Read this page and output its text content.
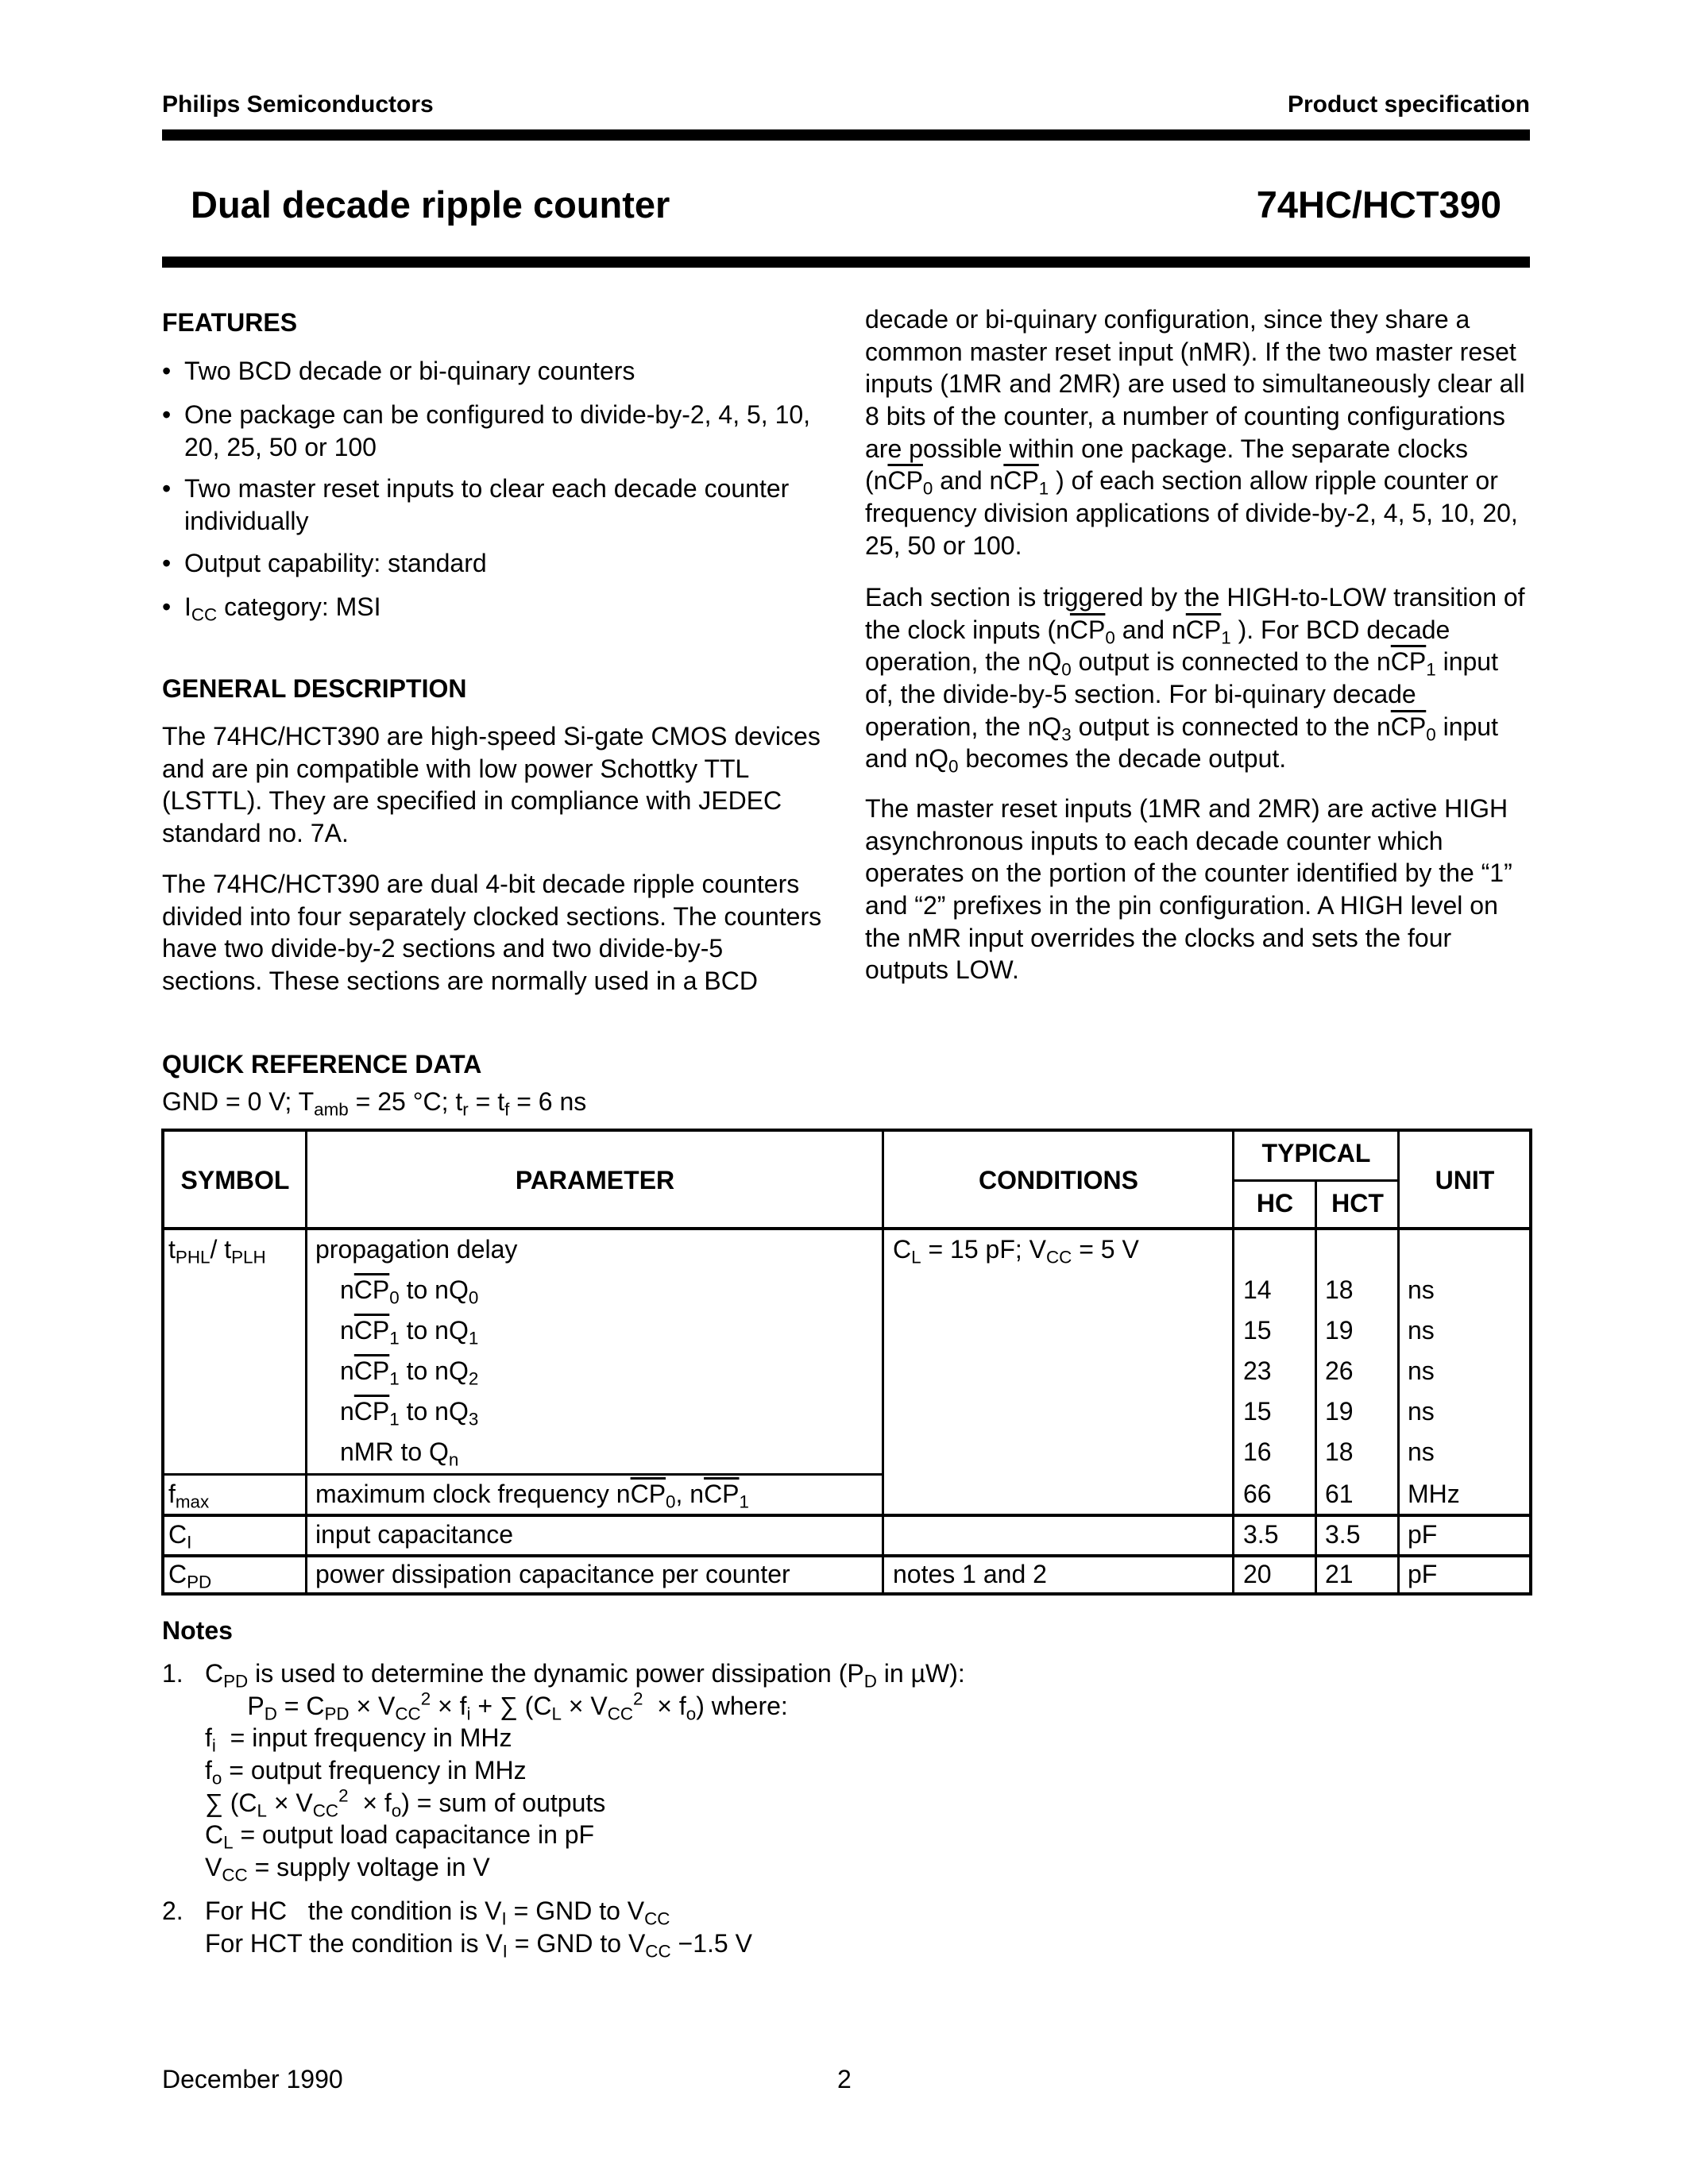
Philips Semiconductors	Product specification
Dual decade ripple counter	74HC/HCT390
FEATURES
• Two BCD decade or bi-quinary counters
• One package can be configured to divide-by-2, 4, 5, 10,
20, 25, 50 or 100
• Two master reset inputs to clear each decade counter
individually
• Output capability: standard
• $I_{CC}$ category: MSI
GENERAL DESCRIPTION
The 74HC/HCT390 are high-speed Si-gate CMOS devices
and are pin compatible with low power Schottky TTL
(LSTTL). They are specified in compliance with JEDEC
standard no. 7A.
The 74HC/HCT390 are dual 4-bit decade ripple counters
divided into four separately clocked sections. The counters
have two divide-by-2 sections and two divide-by-5
sections. These sections are normally used in a BCD
decade or bi-quinary configuration, since they share a
common master reset input (nMR). If the two master reset
inputs (1MR and 2MR) are used to simultaneously clear all
8 bits of the counter, a number of counting configurations
are possible within one package. The separate clocks
($n\overline{CP}_0$ and $n\overline{CP}_1$ ) of each section allow ripple counter or
frequency division applications of divide-by-2, 4, 5, 10, 20,
25, 50 or 100.
Each section is triggered by the HIGH-to-LOW transition of
the clock inputs ($n\overline{CP}_0$ and $n\overline{CP}_1$ ). For BCD decade
operation, the $nQ_0$ output is connected to the $n\overline{CP}_1$ input
of, the divide-by-5 section. For bi-quinary decade
operation, the $nQ_3$ output is connected to the $n\overline{CP}_0$ input
and $nQ_0$ becomes the decade output.
The master reset inputs (1MR and 2MR) are active HIGH
asynchronous inputs to each decade counter which
operates on the portion of the counter identified by the “1”
and “2” prefixes in the pin configuration. A HIGH level on
the nMR input overrides the clocks and sets the four
outputs LOW.
QUICK REFERENCE DATA
GND = 0 V; $T_{amb} = 25$ °C; $t_r = t_f = 6$ ns
SYMBOL	PARAMETER	CONDITIONS
TYPICAL
HC	HCT
UNIT
$t_{PHL}/$ $t_{PLH}$ propagation delay	$C_L = 15$ pF; $V_{CC} = 5$ V
$n\overline{CP}_0$ to $nQ_0$	14 18 ns
$n\overline{CP}_1$ to $nQ_1$	15 19 ns
$n\overline{CP}_1$ to $nQ_2$	23 26 ns
$n\overline{CP}_1$ to $nQ_3$	15 19 ns
nMR to $Q_n$	16 18 ns
$f_{max}$	maximum clock frequency $n\overline{CP}_0$, $n\overline{CP}_1$	66 61 MHz
$C_I$	input capacitance	3.5 3.5 pF
$C_{PD}$	power dissipation capacitance per counter	notes 1 and 2	20 21 pF
Notes
1. $C_{PD}$ is used to determine the dynamic power dissipation ($P_D$ in µW):
$P_D = C_{PD} \times V_{CC}^2 \times f_i$ + ∑ $(C_L \times V_{CC}^2 \times f_o)$ where:
$f_i$  = input frequency in MHz
$f_o$ = output frequency in MHz
∑ $(C_L \times V_{CC}^2 \times f_o)$ = sum of outputs
$C_L$ = output load capacitance in pF
$V_{CC}$ = supply voltage in V
2. For HC   the condition is $V_I$ = GND to $V_{CC}$
For HCT the condition is $V_I$ = GND to $V_{CC} -1.5$ V
December 1990	2
